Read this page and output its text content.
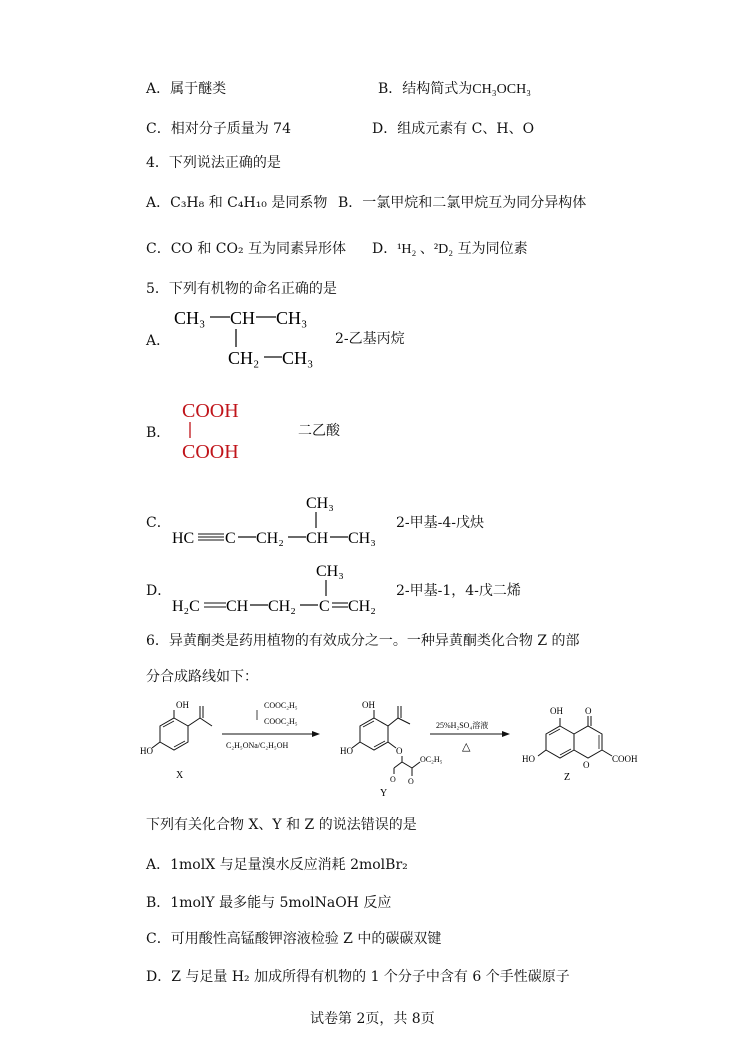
A．属于醚类	B．结构简式为CH₃OCH₃
C．相对分子质量为 74	D．组成元素有 C、H、O
4．下列说法正确的是
A．C₃H₈ 和 C₄H₁₀ 是同系物 B．一氯甲烷和二氯甲烷互为同分异构体
C．CO 和 CO₂ 互为同素异形体 D．¹H₂ 、²D₂ 互为同位素
5．下列有机物的命名正确的是
A．
CH₃ CH CH₃
CH₂ CH₃
2-乙基丙烷
B．
COOH
COOH
二乙酸
C．
CH₃
HC C CH₂ CH CH₃
2-甲基-4-戊炔
D．
CH₃
H₂C CH CH₂ C CH₂
2-甲基-1，4-戊二烯
6．异黄酮类是药用植物的有效成分之一。一种异黄酮类化合物 Z 的部
分合成路线如下：
OH
HO
X
COOC₂H₅
COOC₂H₅
C₂H₅ONa/C₂H₅OH
OH
HO	O
O O
OC₂H₅
Y
25%H₂SO₄溶液
△
O
OH
HO
O
COOH
Z
下列有关化合物 X、Y 和 Z 的说法错误的是
A．1molX 与足量溴水反应消耗 2molBr₂
B．1molY 最多能与 5molNaOH 反应
C．可用酸性高锰酸钾溶液检验 Z 中的碳碳双键
D．Z 与足量 H₂ 加成所得有机物的 1 个分子中含有 6 个手性碳原子
试卷第 2页，共 8页
